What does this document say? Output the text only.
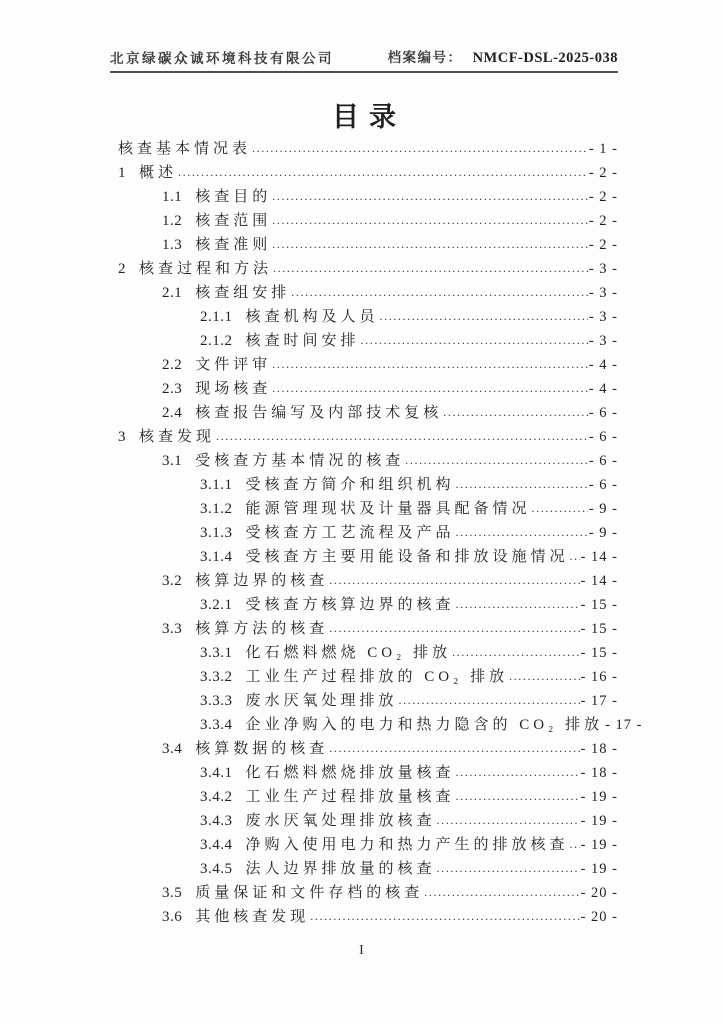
北京绿碳众诚环境科技有限公司	档案编号： NMCF-DSL-2025-038
目录
核查基本情况表 .....	- 1 -
1 概述 .....	- 2 -
1.1 核查目的 .....	- 2 -
1.2 核查范围 .....	- 2 -
1.3 核查准则 .....	- 2 -
2 核查过程和方法 .....	- 3 -
2.1 核查组安排 .....	- 3 -
2.1.1 核查机构及人员 .....	- 3 -
2.1.2 核查时间安排 .....	- 3 -
2.2 文件评审 .....	- 4 -
2.3 现场核查 .....	- 4 -
2.4 核查报告编写及内部技术复核 .....	- 6 -
3 核查发现 .....	- 6 -
3.1 受核查方基本情况的核查 .....	- 6 -
3.1.1 受核查方简介和组织机构 .....	- 6 -
3.1.2 能源管理现状及计量器具配备情况 .....	- 9 -
3.1.3 受核查方工艺流程及产品 .....	- 9 -
3.1.4 受核查方主要用能设备和排放设施情况 ..... - 14 -
3.2 核算边界的核查 .....	- 14 -
3.2.1 受核查方核算边界的核查 .....	- 15 -
3.3 核算方法的核查 .....	- 15 -
3.3.1 化石燃料燃烧 CO₂ 排放 .....	- 15 -
3.3.2 工业生产过程排放的 CO₂ 排放 .....	- 16 -
3.3.3 废水厌氧处理排放 .....	- 17 -
3.3.4 企业净购入的电力和热力隐含的 CO₂ 排放 - 17 -
3.4 核算数据的核查 .....	- 18 -
3.4.1 化石燃料燃烧排放量核查 .....	- 18 -
3.4.2 工业生产过程排放量核查 .....	- 19 -
3.4.3 废水厌氧处理排放核查 .....	- 19 -
3.4.4 净购入使用电力和热力产生的排放核查 ..... - 19 -
3.4.5 法人边界排放量的核查 .....	- 19 -
3.5 质量保证和文件存档的核查 .....	- 20 -
3.6 其他核查发现 .....	- 20 -
I
